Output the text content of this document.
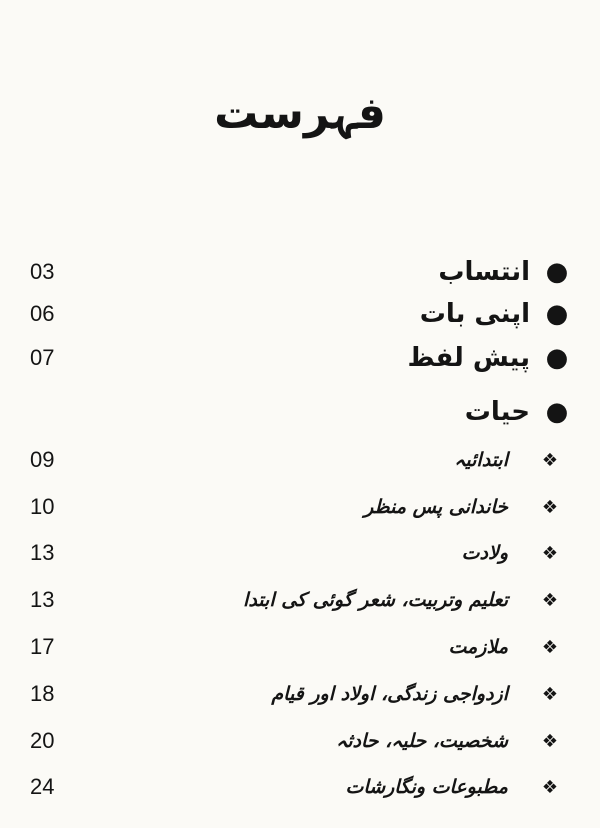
فہرست
●
انتساب
03
●
اپنی بات
06
●
پیش لفظ
07
●
حیات
❖
ابتدائیہ
09
❖
خاندانی پس منظر
10
❖
ولادت
13
❖
تعلیم وتربیت، شعر گوئی کی ابتدا
13
❖
ملازمت
17
❖
ازدواجی زندگی، اولاد اور قیام
18
❖
شخصیت، حلیہ، حادثہ
20
❖
مطبوعات ونگارشات
24
